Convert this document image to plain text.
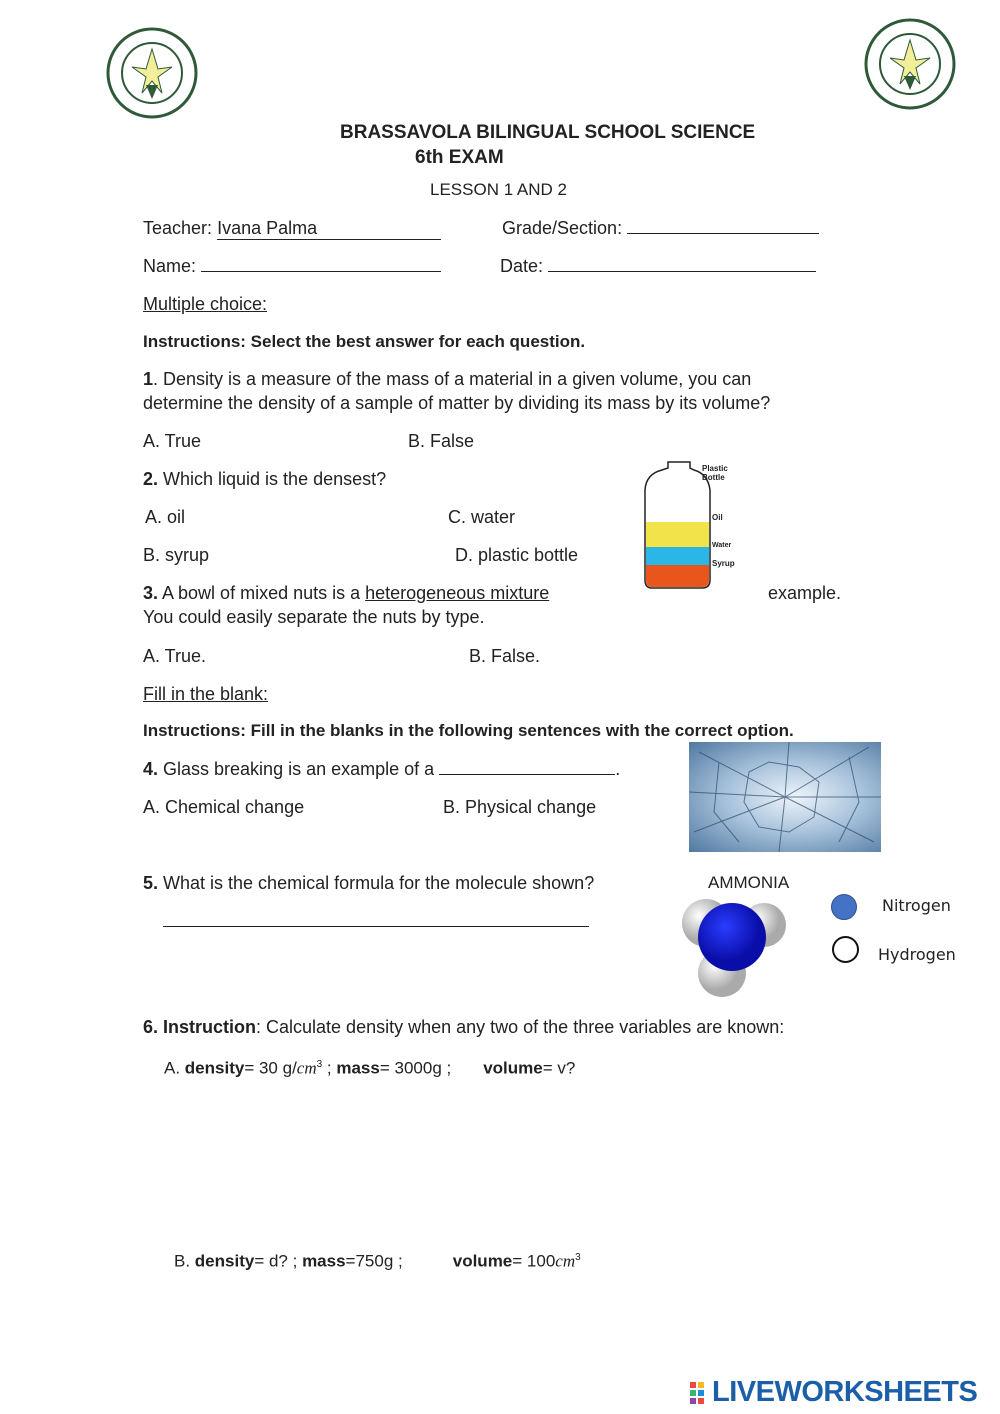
BRASSAVOLA BILINGUAL SCHOOL SCIENCE
6th EXAM
LESSON 1 AND 2
Teacher: Ivana Palma	Grade/Section:
Name:	Date:
Multiple choice:
Instructions: Select the best answer for each question.
1. Density is a measure of the mass of a material in a given volume, you can
determine the density of a sample of matter by dividing its mass by its volume?
A. True	B. False
2. Which liquid is the densest?
A. oil	C. water
B. syrup	D. plastic bottle
Plastic Bottle
Oil
Water
Syrup
3. A bowl of mixed nuts is a heterogeneous mixture	example.
You could easily separate the nuts by type.
A. True.	B. False.
Fill in the blank:
Instructions: Fill in the blanks in the following sentences with the correct option.
4. Glass breaking is an example of a	.
A. Chemical change	B. Physical change
5. What is the chemical formula for the molecule shown?	AMMONIA
Nitrogen
Hydrogen
6. Instruction: Calculate density when any two of the three variables are known:
A. density= 30 $g/cm^3$ ; mass= 3000g ; volume= v?
B. density= d? ; mass=750g ;	volume= $100cm^3$
LIVEWORKSHEETS
